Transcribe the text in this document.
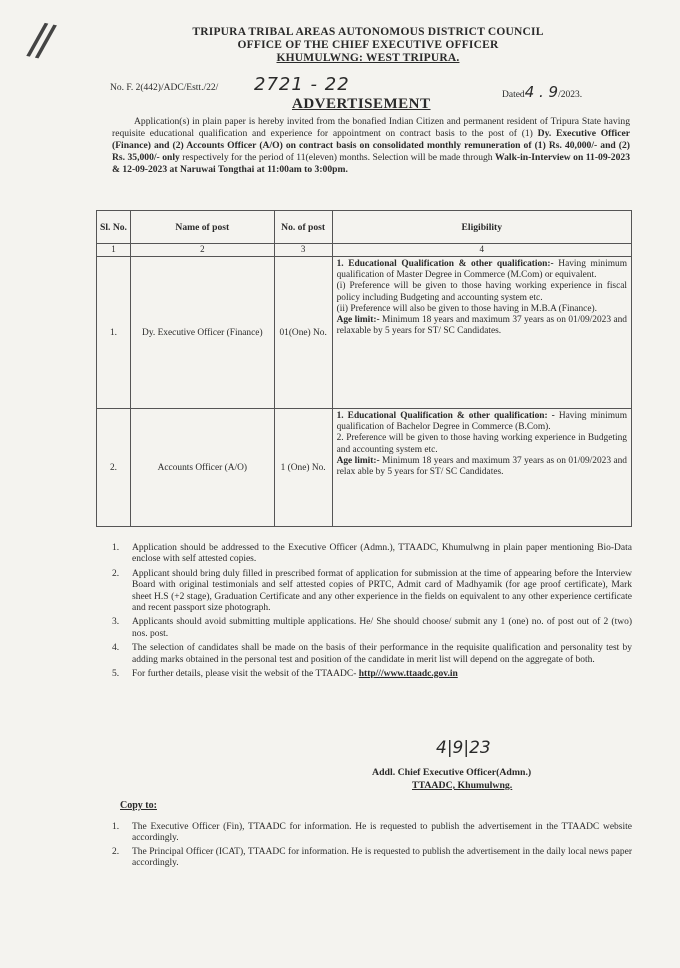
//	TRIPURA TRIBAL AREAS AUTONOMOUS DISTRICT COUNCIL
OFFICE OF THE CHIEF EXECUTIVE OFFICER
KHUMULWNG: WEST TRIPURA.
No. F. 2(442)/ADC/Estt./22/ 2721 - 22	Dated4 . 9/2023.
ADVERTISEMENT
Application(s) in plain paper is hereby invited from the bonafied Indian Citizen and permanent resident of Tripura State having requisite educational qualification and experience for appointment on contract basis to the post of (1) Dy. Executive Officer (Finance) and (2) Accounts Officer (A/O) on contract basis on consolidated monthly remuneration of (1) Rs. 40,000/- and (2) Rs. 35,000/- only respectively for the period of 11(eleven) months. Selection will be made through Walk-in-Interview on 11-09-2023 & 12-09-2023 at Naruwai Tongthai at 11:00am to 3:00pm.
Sl. No.	Name of post	No. of post	Eligibility
1	2	3	4
1.	Dy. Executive Officer (Finance)	01(One) No.	1. Educational Qualification & other qualification:- Having minimum qualification of Master Degree in Commerce (M.Com) or equivalent.
(i) Preference will be given to those having working experience in fiscal policy including Budgeting and accounting system etc.
(ii) Preference will also be given to those having in M.B.A (Finance).
Age limit:- Minimum 18 years and maximum 37 years as on 01/09/2023 and relaxable by 5 years for ST/ SC Candidates.

2.	Accounts Officer (A/O)	1 (One) No.	1. Educational Qualification & other qualification: - Having minimum qualification of Bachelor Degree in Commerce (B.Com).
2. Preference will be given to those having working experience in Budgeting and accounting system etc.
Age limit:- Minimum 18 years and maximum 37 years as on 01/09/2023 and relax able by 5 years for ST/ SC Candidates.
1. Application should be addressed to the Executive Officer (Admn.), TTAADC, Khumulwng in plain paper mentioning Bio-Data enclose with self attested copies.
2. Applicant should bring duly filled in prescribed format of application for submission at the time of appearing before the Interview Board with original testimonials and self attested copies of PRTC, Admit card of Madhyamik (for age proof certificate), Mark sheet H.S (+2 stage), Graduation Certificate and any other experience in the fields on equivalent to any other experience certificate and recent passport size photograph.
3. Applicants should avoid submitting multiple applications. He/ She should choose/ submit any 1 (one) no. of post out of 2 (two) nos. post.
4. The selection of candidates shall be made on the basis of their performance in the requisite qualification and personality test by adding marks obtained in the personal test and position of the candidate in merit list will depend on the aggregate of both.
5. For further details, please visit the websit of the TTAADC- http///www.ttaadc.gov.in
4|9|23
Addl. Chief Executive Officer(Admn.)
TTAADC, Khumulwng.
Copy to:
1. The Executive Officer (Fin), TTAADC for information. He is requested to publish the advertisement in the TTAADC website accordingly.
2. The Principal Officer (ICAT), TTAADC for information. He is requested to publish the advertisement in the daily local news paper accordingly.
